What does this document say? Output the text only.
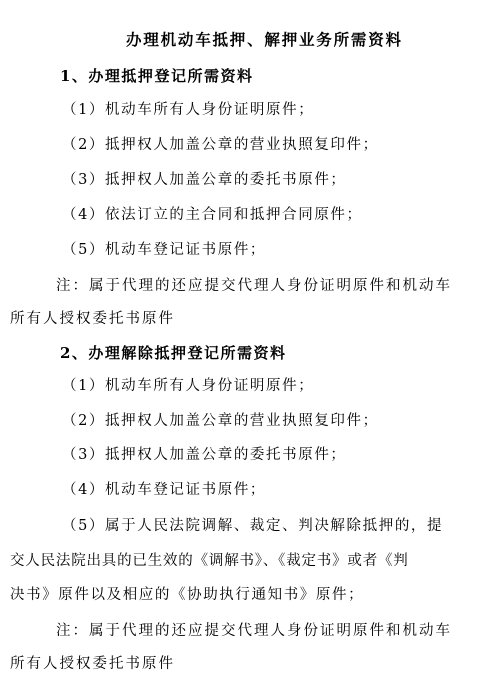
办理机动车抵押、解押业务所需资料
1、办理抵押登记所需资料
（1）机动车所有人身份证明原件；
（2）抵押权人加盖公章的营业执照复印件；
（3）抵押权人加盖公章的委托书原件；
（4）依法订立的主合同和抵押合同原件；
（5）机动车登记证书原件；
注：属于代理的还应提交代理人身份证明原件和机动车
所有人授权委托书原件
2、办理解除抵押登记所需资料
（1）机动车所有人身份证明原件；
（2）抵押权人加盖公章的营业执照复印件；
（3）抵押权人加盖公章的委托书原件；
（4）机动车登记证书原件；
（5）属于人民法院调解、裁定、判决解除抵押的，提
交人民法院出具的已生效的《调解书》、《裁定书》或者《判
决书》原件以及相应的《协助执行通知书》原件；
注：属于代理的还应提交代理人身份证明原件和机动车
所有人授权委托书原件
